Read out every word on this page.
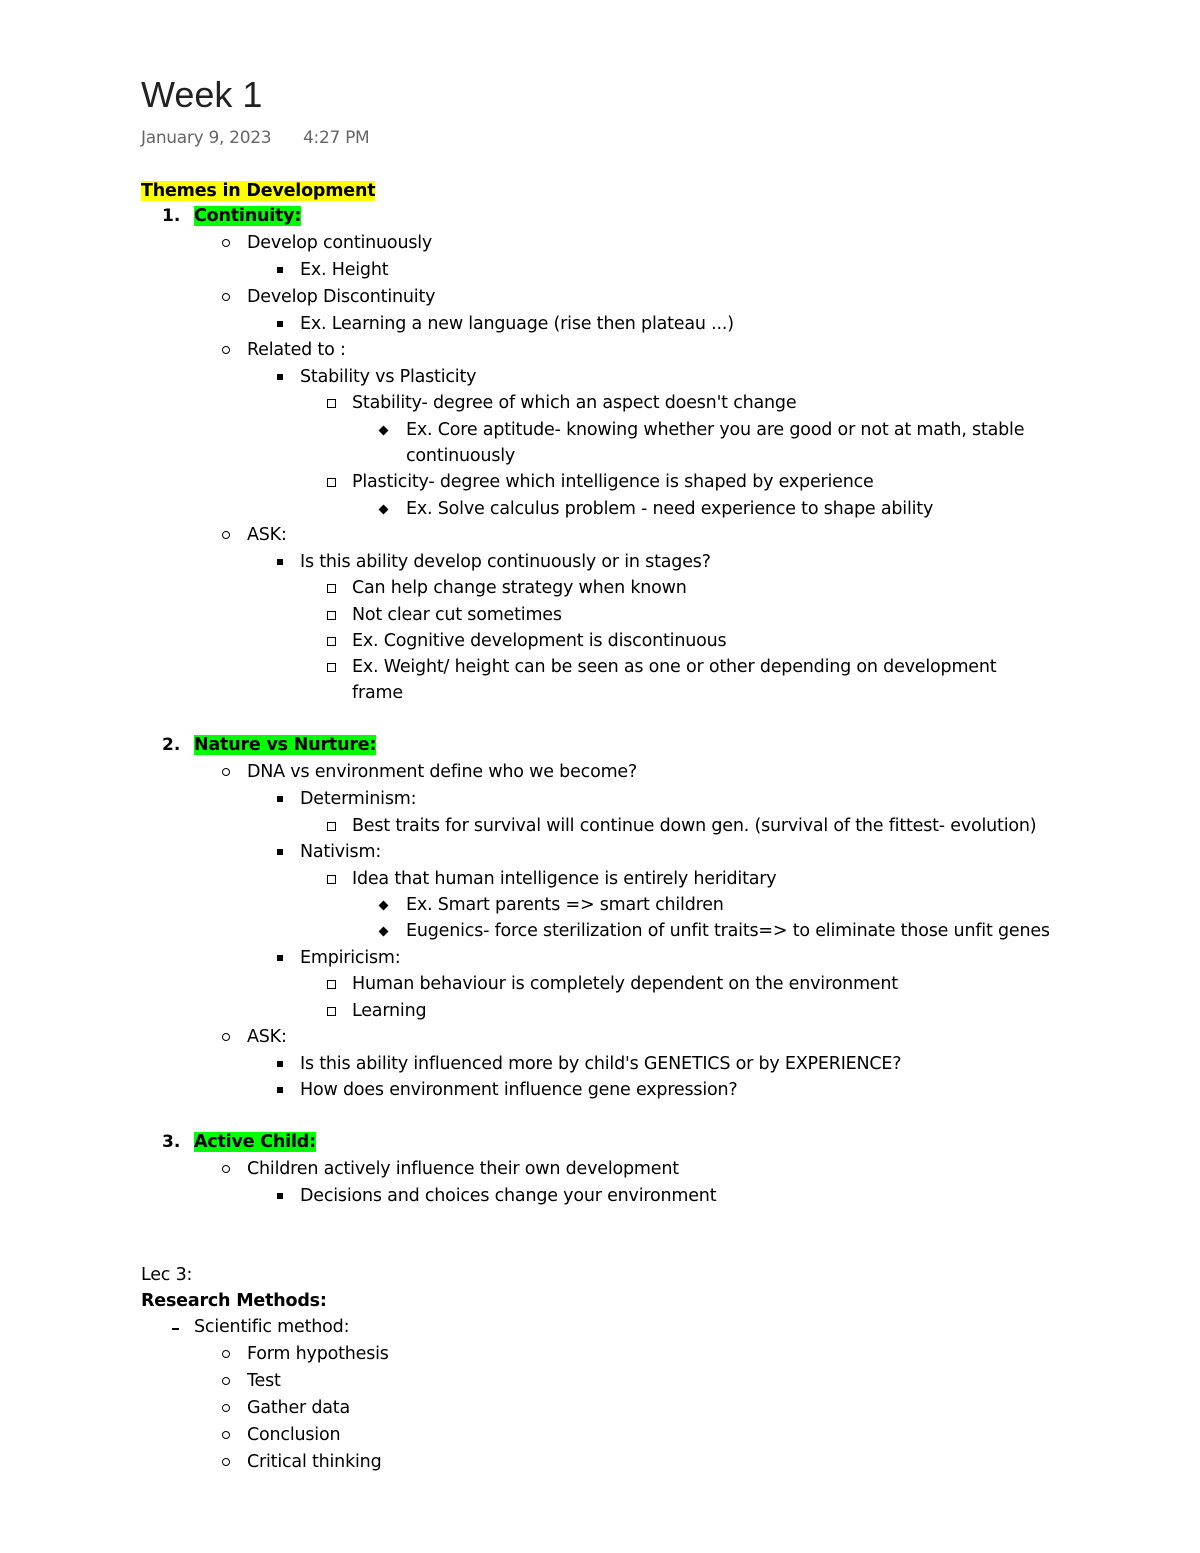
Week 1
January 9, 2023 4:27 PM
Themes in Development
1. Continuity:
Develop continuously
Ex. Height
Develop Discontinuity
Ex. Learning a new language (rise then plateau ...)
Related to :
Stability vs Plasticity
Stability- degree of which an aspect doesn't change
Ex. Core aptitude- knowing whether you are good or not at math, stable
continuously
Plasticity- degree which intelligence is shaped by experience
Ex. Solve calculus problem - need experience to shape ability
ASK:
Is this ability develop continuously or in stages?
Can help change strategy when known
Not clear cut sometimes
Ex. Cognitive development is discontinuous
Ex. Weight/ height can be seen as one or other depending on development
frame
2. Nature vs Nurture:
DNA vs environment define who we become?
Determinism:
Best traits for survival will continue down gen. (survival of the fittest- evolution)
Nativism:
Idea that human intelligence is entirely heriditary
Ex. Smart parents => smart children
Eugenics- force sterilization of unfit traits=> to eliminate those unfit genes
Empiricism:
Human behaviour is completely dependent on the environment
Learning
ASK:
Is this ability influenced more by child's GENETICS or by EXPERIENCE?
How does environment influence gene expression?
3. Active Child:
Children actively influence their own development
Decisions and choices change your environment
Lec 3:
Research Methods:
Scientific method:
Form hypothesis
Test
Gather data
Conclusion
Critical thinking
